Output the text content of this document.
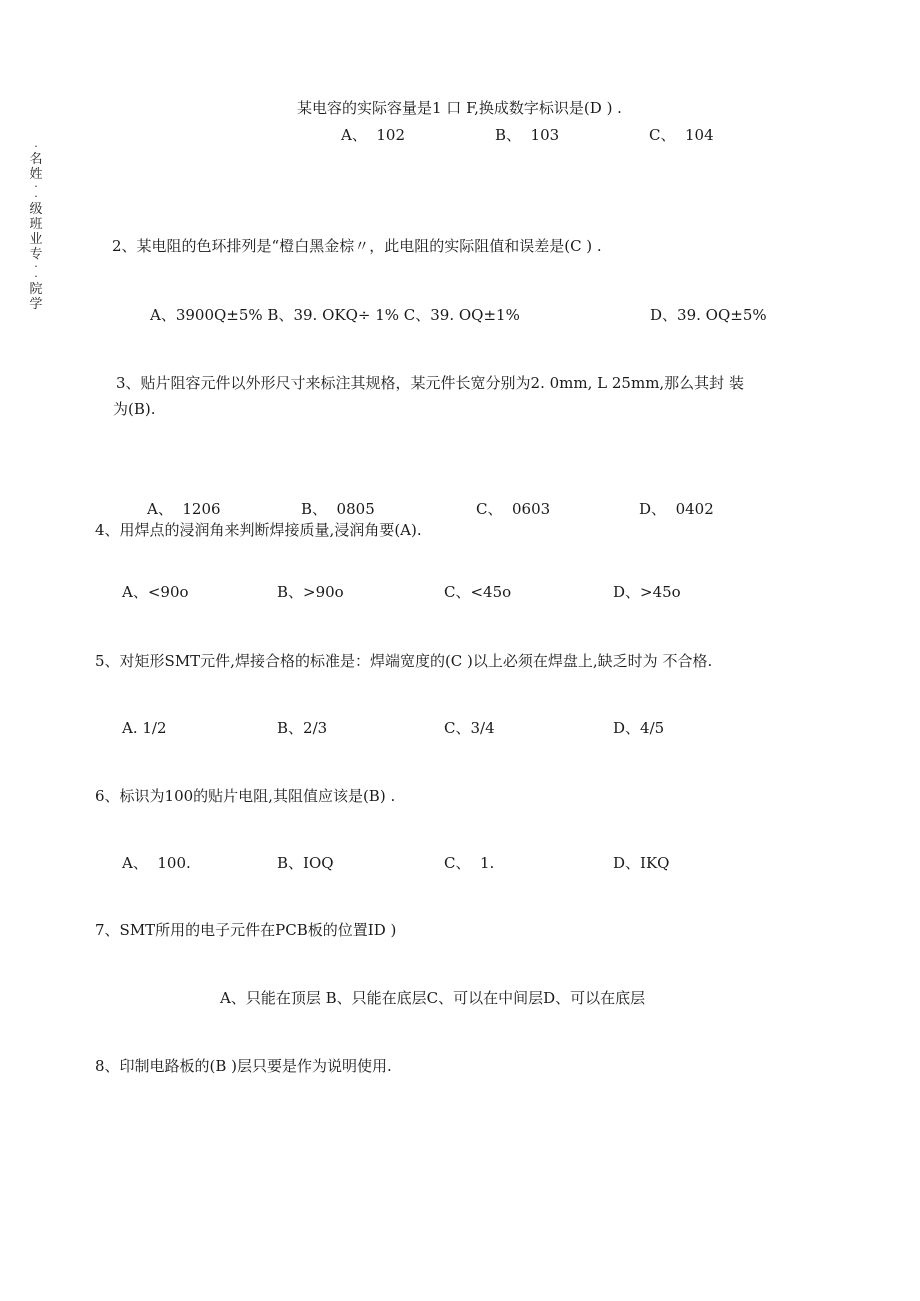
·
名
姓
·
·
级
班
业
专
·
·
院
学
某电容的实际容量是1 口 F,换成数字标识是(D ) .
A、  102	B、  103	C、  104
2、某电阻的色环排列是“橙白黑金棕〃，此电阻的实际阻值和误差是(C ) .
A、3900Q±5% B、39. OKQ÷ 1% C、39. OQ±1%	D、39. OQ±5%
3、贴片阻容元件以外形尺寸来标注其规格，某元件长宽分别为2. 0mm, L 25mm,那么其封 装
为(B).
A、  1206	B、  0805	C、  0603	D、  0402
4、用焊点的浸润角来判断焊接质量,浸润角要(A).
A、<90o	B、>90o	C、<45o	D、>45o
5、对矩形SMT元件,焊接合格的标准是：焊端宽度的(C )以上必须在焊盘上,缺乏时为 不合格.
A. 1/2	B、2/3	C、3/4	D、4/5
6、标识为100的贴片电阻,其阻值应该是(B) .
A、  100.	B、IOQ	C、  1.	D、IKQ
7、SMT所用的电子元件在PCB板的位置ID )
A、只能在顶层 B、只能在底层C、可以在中间层D、可以在底层
8、印制电路板的(B )层只要是作为说明使用.
